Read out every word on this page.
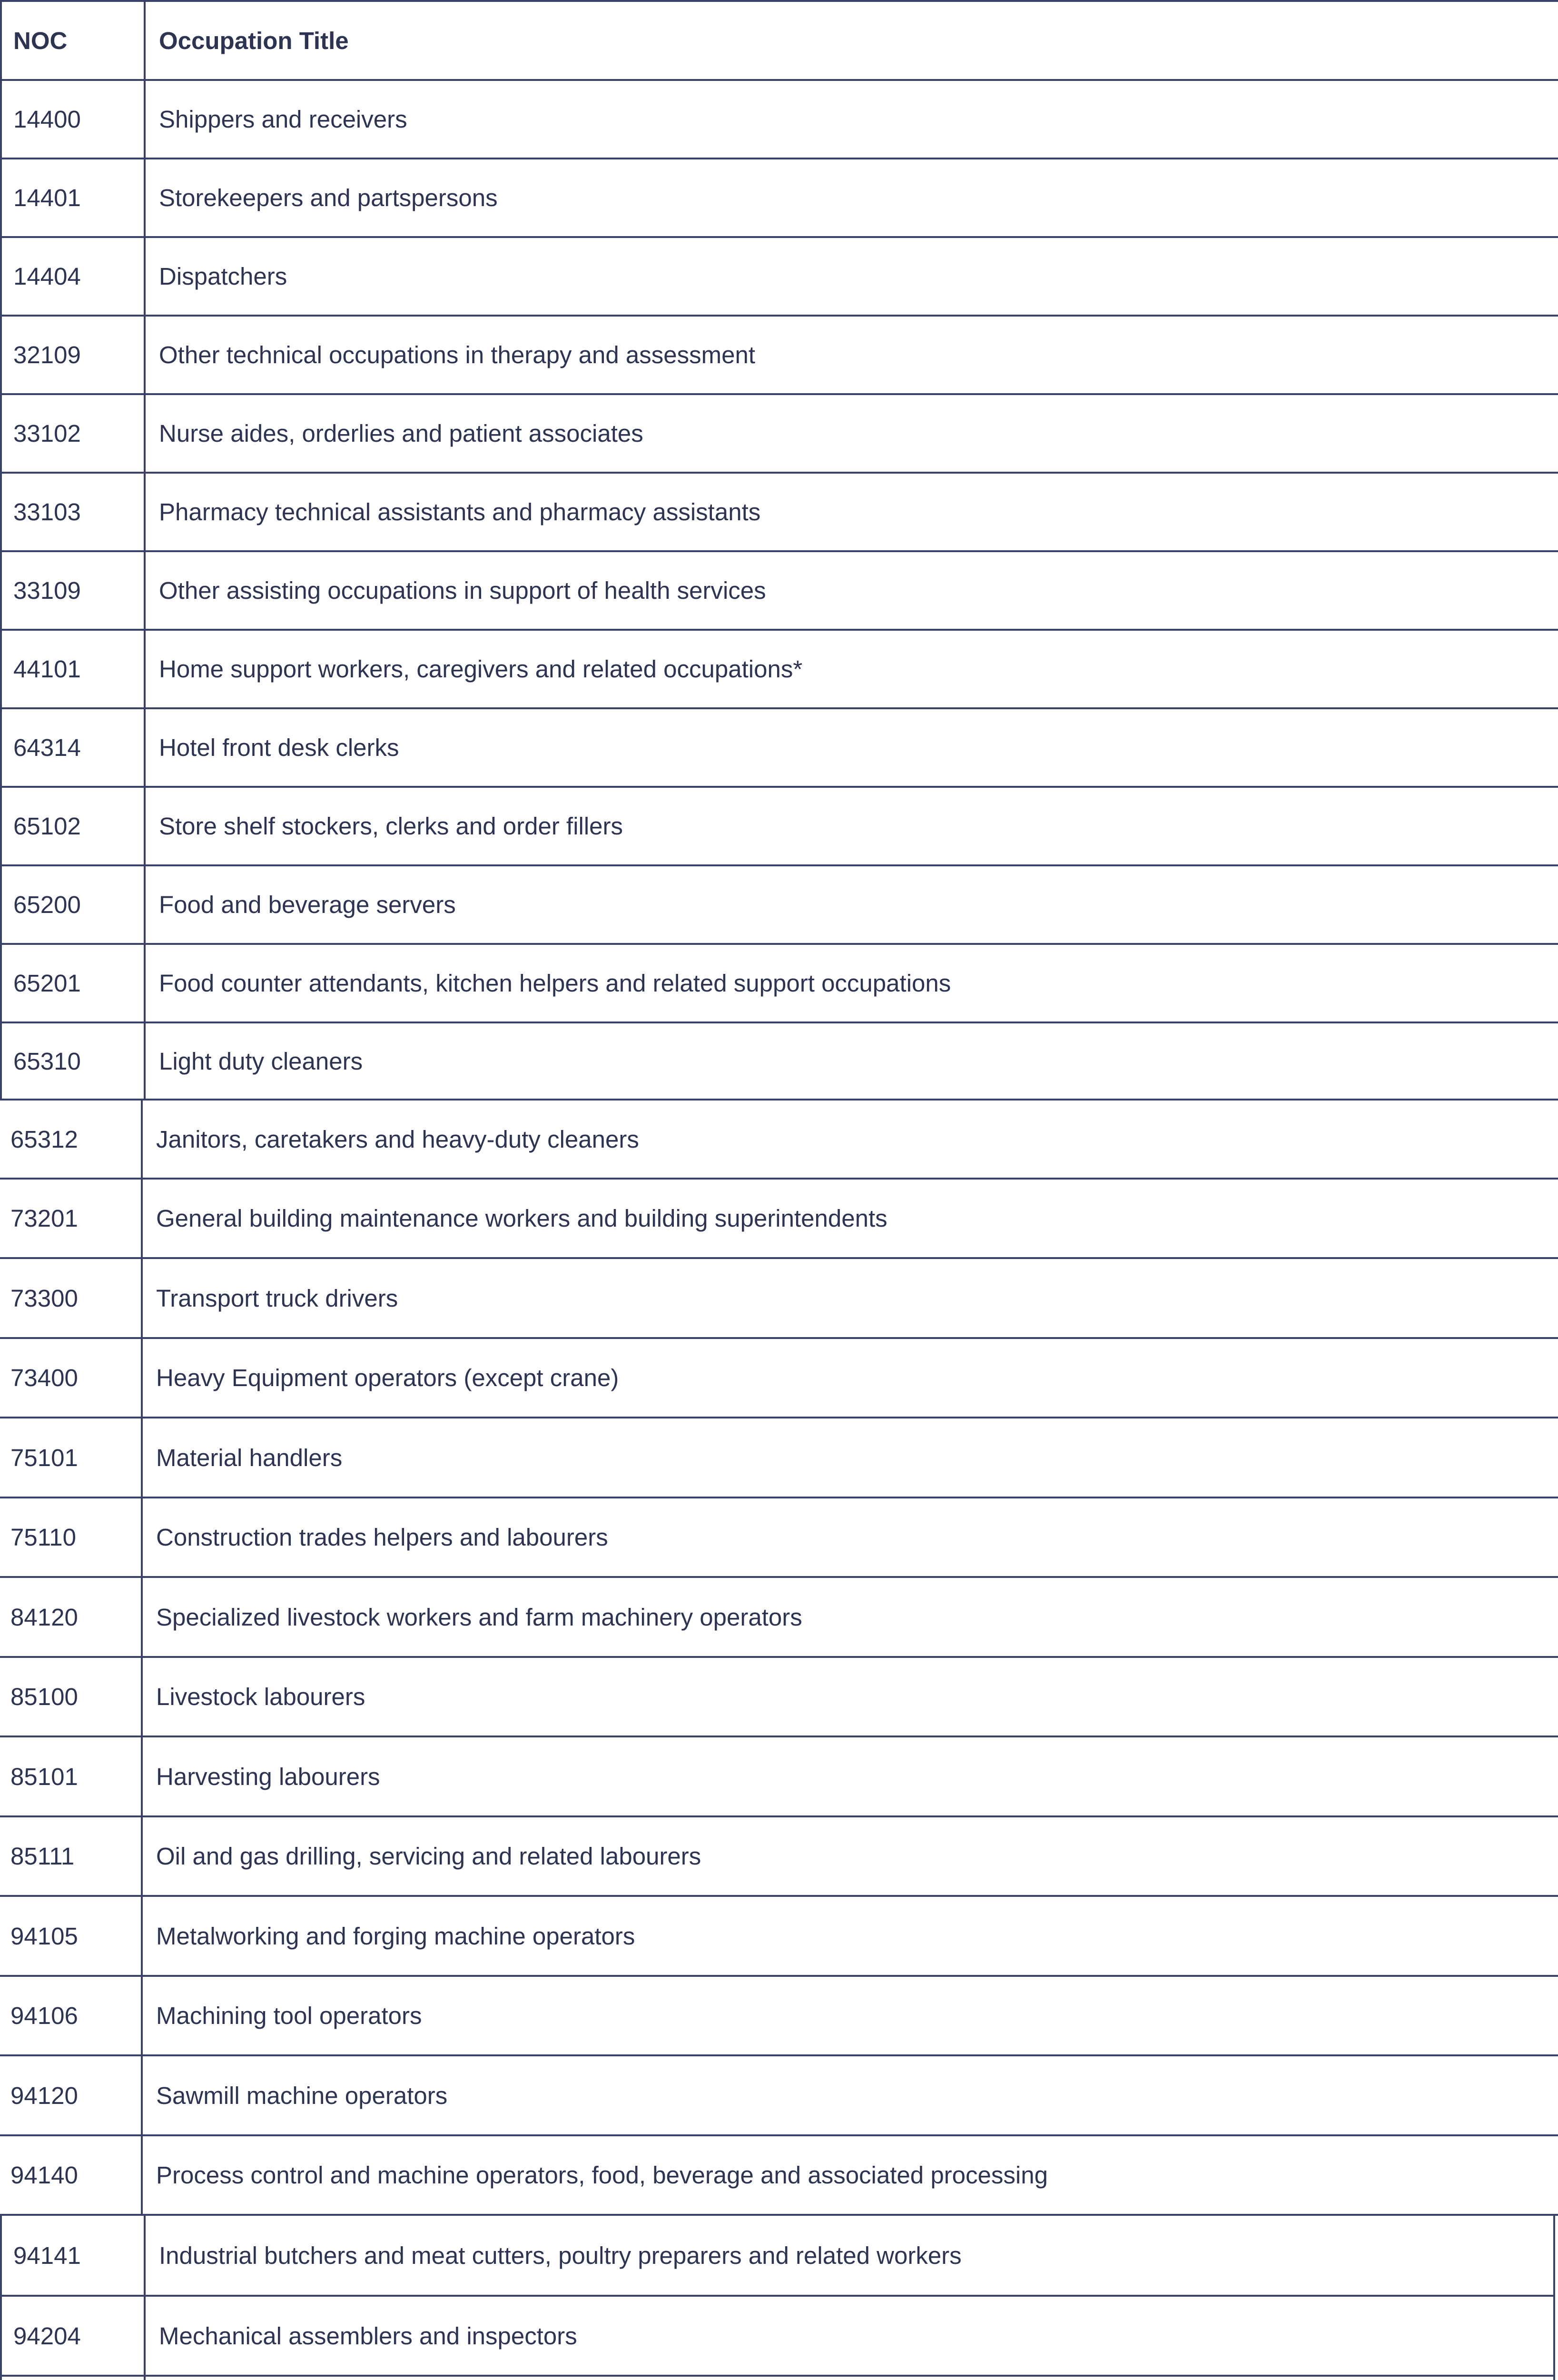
NOC	Occupation Title
14400	Shippers and receivers
14401	Storekeepers and partspersons
14404	Dispatchers
32109	Other technical occupations in therapy and assessment
33102	Nurse aides, orderlies and patient associates
33103	Pharmacy technical assistants and pharmacy assistants
33109	Other assisting occupations in support of health services
44101	Home support workers, caregivers and related occupations*
64314	Hotel front desk clerks
65102	Store shelf stockers, clerks and order fillers
65200	Food and beverage servers
65201	Food counter attendants, kitchen helpers and related support occupations
65310	Light duty cleaners
65312	Janitors, caretakers and heavy-duty cleaners
73201	General building maintenance workers and building superintendents
73300	Transport truck drivers
73400	Heavy Equipment operators (except crane)
75101	Material handlers
75110	Construction trades helpers and labourers
84120	Specialized livestock workers and farm machinery operators
85100	Livestock labourers
85101	Harvesting labourers
85111	Oil and gas drilling, servicing and related labourers
94105	Metalworking and forging machine operators
94106	Machining tool operators
94120	Sawmill machine operators
94140	Process control and machine operators, food, beverage and associated processing
94141	Industrial butchers and meat cutters, poultry preparers and related workers
94204	Mechanical assemblers and inspectors
